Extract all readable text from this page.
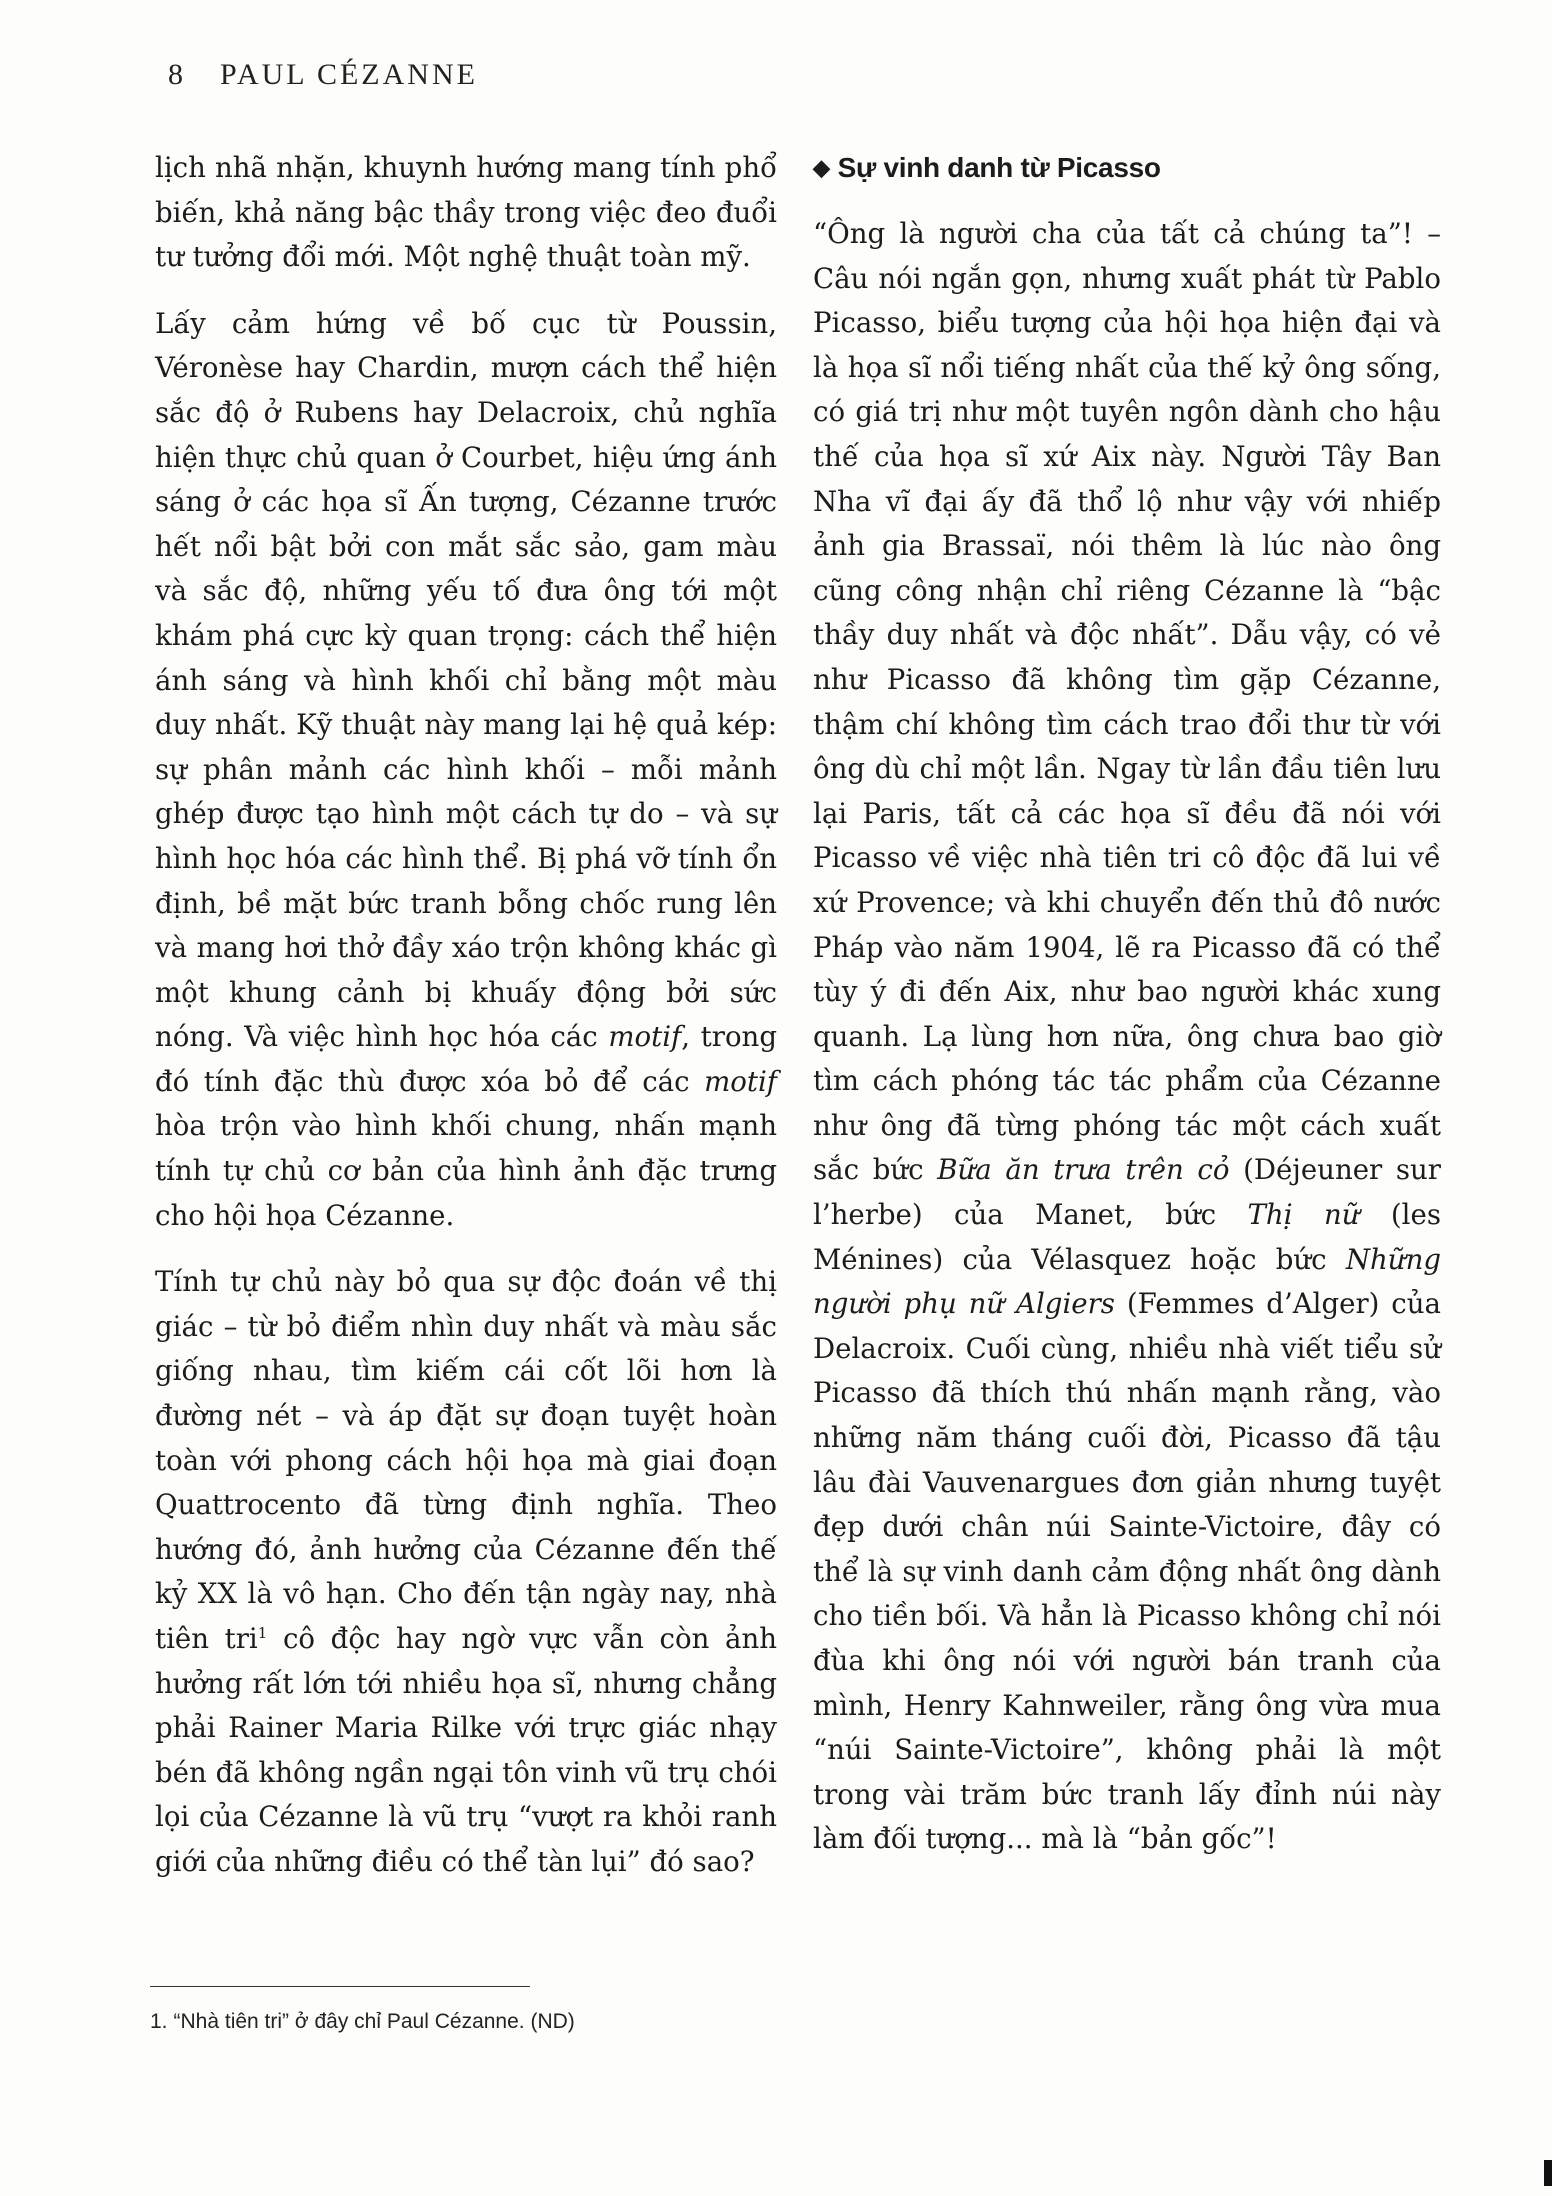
8 PAUL CÉZANNE

lịch nhã nhặn, khuynh hướng mang tính phổ biến, khả năng bậc thầy trong việc đeo đuổi tư tưởng đổi mới. Một nghệ thuật toàn mỹ.

Lấy cảm hứng về bố cục từ Poussin, Véronèse hay Chardin, mượn cách thể hiện sắc độ ở Rubens hay Delacroix, chủ nghĩa hiện thực chủ quan ở Courbet, hiệu ứng ánh sáng ở các họa sĩ Ấn tượng, Cézanne trước hết nổi bật bởi con mắt sắc sảo, gam màu và sắc độ, những yếu tố đưa ông tới một khám phá cực kỳ quan trọng: cách thể hiện ánh sáng và hình khối chỉ bằng một màu duy nhất. Kỹ thuật này mang lại hệ quả kép: sự phân mảnh các hình khối – mỗi mảnh ghép được tạo hình một cách tự do – và sự hình học hóa các hình thể. Bị phá vỡ tính ổn định, bề mặt bức tranh bỗng chốc rung lên và mang hơi thở đầy xáo trộn không khác gì một khung cảnh bị khuấy động bởi sức nóng. Và việc hình học hóa các motif, trong đó tính đặc thù được xóa bỏ để các motif hòa trộn vào hình khối chung, nhấn mạnh tính tự chủ cơ bản của hình ảnh đặc trưng cho hội họa Cézanne.

Tính tự chủ này bỏ qua sự độc đoán về thị giác – từ bỏ điểm nhìn duy nhất và màu sắc giống nhau, tìm kiếm cái cốt lõi hơn là đường nét – và áp đặt sự đoạn tuyệt hoàn toàn với phong cách hội họa mà giai đoạn Quattrocento đã từng định nghĩa. Theo hướng đó, ảnh hưởng của Cézanne đến thế kỷ XX là vô hạn. Cho đến tận ngày nay, nhà tiên tri$^1$ cô độc hay ngờ vực vẫn còn ảnh hưởng rất lớn tới nhiều họa sĩ, nhưng chẳng phải Rainer Maria Rilke với trực giác nhạy bén đã không ngần ngại tôn vinh vũ trụ chói lọi của Cézanne là vũ trụ “vượt ra khỏi ranh giới của những điều có thể tàn lụi” đó sao?

◆ Sự vinh danh từ Picasso

“Ông là người cha của tất cả chúng ta”! – Câu nói ngắn gọn, nhưng xuất phát từ Pablo Picasso, biểu tượng của hội họa hiện đại và là họa sĩ nổi tiếng nhất của thế kỷ ông sống, có giá trị như một tuyên ngôn dành cho hậu thế của họa sĩ xứ Aix này. Người Tây Ban Nha vĩ đại ấy đã thổ lộ như vậy với nhiếp ảnh gia Brassaï, nói thêm là lúc nào ông cũng công nhận chỉ riêng Cézanne là “bậc thầy duy nhất và độc nhất”. Dẫu vậy, có vẻ như Picasso đã không tìm gặp Cézanne, thậm chí không tìm cách trao đổi thư từ với ông dù chỉ một lần. Ngay từ lần đầu tiên lưu lại Paris, tất cả các họa sĩ đều đã nói với Picasso về việc nhà tiên tri cô độc đã lui về xứ Provence; và khi chuyển đến thủ đô nước Pháp vào năm 1904, lẽ ra Picasso đã có thể tùy ý đi đến Aix, như bao người khác xung quanh. Lạ lùng hơn nữa, ông chưa bao giờ tìm cách phóng tác tác phẩm của Cézanne như ông đã từng phóng tác một cách xuất sắc bức Bữa ăn trưa trên cỏ (Déjeuner sur l’herbe) của Manet, bức Thị nữ (les Ménines) của Vélasquez hoặc bức Những người phụ nữ Algiers (Femmes d’Alger) của Delacroix. Cuối cùng, nhiều nhà viết tiểu sử Picasso đã thích thú nhấn mạnh rằng, vào những năm tháng cuối đời, Picasso đã tậu lâu đài Vauvenargues đơn giản nhưng tuyệt đẹp dưới chân núi Sainte-Victoire, đây có thể là sự vinh danh cảm động nhất ông dành cho tiền bối. Và hẳn là Picasso không chỉ nói đùa khi ông nói với người bán tranh của mình, Henry Kahnweiler, rằng ông vừa mua “núi Sainte-Victoire”, không phải là một trong vài trăm bức tranh lấy đỉnh núi này làm đối tượng... mà là “bản gốc”!

1. “Nhà tiên tri” ở đây chỉ Paul Cézanne. (ND)
